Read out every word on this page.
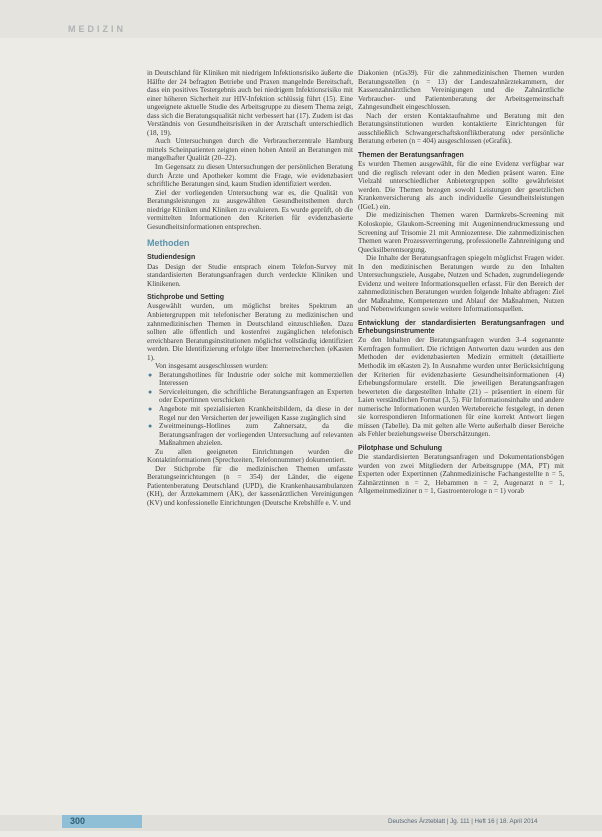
MEDIZIN

in Deutschland für Kliniken mit niedrigem Infektionsrisiko äußerte die Hälfte der 24 befragten Betriebe und Praxen mangelnde Bereitschaft, dass ein positives Testergebnis auch bei niedrigem Infektionsrisiko mit einer höheren Sicherheit zur HIV-Infektion schlüssig führt (15). Eine ungeeignete aktuelle Studie des Arbeitsgruppe zu diesem Thema zeigt, dass sich die Beratungsqualität nicht verbessert hat (17). Zudem ist das Verständnis von Gesundheitsrisiken in der Arztschaft unterschiedlich (18, 19).

Auch Untersuchungen durch die Verbraucherzentrale Hamburg mittels Scheinpatienten zeigten einen hohen Anteil an Beratungen mit mangelhafter Qualität (20–22).

Im Gegensatz zu diesen Untersuchungen der persönlichen Beratung durch Ärzte und Apotheker kommt die Frage, wie evidenzbasiert schriftliche Beratungen sind, kaum Studien identifiziert werden.

Ziel der vorliegenden Untersuchung war es, die Qualität von Beratungsleistungen zu ausgewählten Gesundheitsthemen durch niedrige Kliniken und Kliniken zu evaluieren. Es wurde geprüft, ob die vermittelten Informationen den Kriterien für evidenzbasierte Gesundheitsinformationen entsprechen.

Methoden
Studiendesign

Das Design der Studie entsprach einem Telefon-Survey mit standardisierten Beratungsanfragen durch verdeckte Kliniken und Klinikenen.

Stichprobe und Setting

Ausgewählt wurden, um möglichst breites Spektrum an Anbietergruppen mit telefonischer Beratung zu medizinischen und zahnmedizinischen Themen in Deutschland einzuschließen. Dazu sollten alle öffentlich und kostenfrei zugänglichen telefonisch erreichbaren Beratungsinstitutionen möglichst vollständig identifiziert werden. Die Identifizierung erfolgte über Internetrecherchen (eKasten 1).

Von insgesamt ausgeschlossen wurden:

● Beratungshotlines für Industrie oder solche mit kommerziellen Interessen
● Serviceleitungen, die schriftliche Beratungsanfragen an Experten oder Expertinnen verschicken
● Angebote mit spezialisierten Krankheitsbildern, da diese in der Regel nur den Versicherten der jeweiligen Kasse zugänglich sind
● Zweitmeinungs-Hotlines zum Zahnersatz, da die Beratungsanfragen der vorliegenden Untersuchung auf relevanten Maßnahmen abzielen.

Zu allen geeigneten Einrichtungen wurden die Kontaktinformationen (Sprechzeiten, Telefonnummer) dokumentiert.

Der Stichprobe für die medizinischen Themen umfasste Beratungseinrichtungen (n = 354) der Länder, die eigene Patientenberatung Deutschland (UPD), die Krankenhausambulanzen (KH), der Ärztekammern (ÄK), der kassenärztlichen Vereinigungen (KV) und konfessionelle Einrichtungen (Deutsche Krebshilfe e. V. und

Diakonien (nGs39). Für die zahnmedizinischen Themen wurden Beratungsstellen (n = 13) der Landeszahnärztekammern, der Kassenzahnärztlichen Vereinigungen und die Zahnärztliche Verbraucher- und Patientenberatung der Arbeitsgemeinschaft Zahngesundheit eingeschlossen.

Nach der ersten Kontaktaufnahme und Beratung mit den Beratungsinstitutionen wurden kontaktierte Einrichtungen für ausschließlich Schwangerschaftskonfliktberatung oder persönliche Beratung erbeten (n = 404) ausgeschlossen (eGrafik).

Themen der Beratungsanfragen

Es wurden Themen ausgewählt, für die eine Evidenz verfügbar war und die reglisch relevant oder in den Medien präsent waren. Eine Vielzahl unterschiedlicher Anbietergruppen sollte gewährleistet werden. Die Themen bezogen sowohl Leistungen der gesetzlichen Krankenversicherung als auch individuelle Gesundheitsleistungen (IGeL) ein.

Die medizinischen Themen waren Darmkrebs-Screening mit Koloskopie, Glaukom-Screening mit Augeninnendruckmessung und Screening auf Trisomie 21 mit Amniozentese. Die zahnmedizinischen Themen waren Prozessverringerung, professionelle Zahnreinigung und Quecksilberentsorgung.

Die Inhalte der Beratungsanfragen spiegeln möglichst Fragen wider. In den medizinischen Beratungen wurde zu den Inhalten Untersuchungsziele, Ausgabe, Nutzen und Schaden, zugrundeliegende Evidenz und weitere Informationsquellen erfasst. Für den Bereich der zahnmedizinischen Beratungen wurden folgende Inhalte abfragen: Ziel der Maßnahme, Kompetenzen und Ablauf der Maßnahmen, Nutzen und Nebenwirkungen sowie weitere Informationsquellen.

Entwicklung der standardisierten Beratungsanfragen und Erhebungsinstrumente

Zu den Inhalten der Beratungsanfragen wurden 3–4 sogenannte Kernfragen formuliert. Die richtigen Antworten dazu wurden aus den Methoden der evidenzbasierten Medizin ermittelt (detaillierte Methodik im eKasten 2). In Ausnahme wurden unter Berücksichtigung der Kriterien für evidenzbasierte Gesundheitsinformationen (4) Erhebungsformulare erstellt. Die jeweiligen Beratungsanfragen bewerteten die dargestellten Inhalte (21) – präsentiert in einem für Laien verständlichen Format (3, 5). Für Informationsinhalte und andere numerische Informationen wurden Wertebereiche festgelegt, in denen sie korrespondieren Informationen für eine korrekt Antwort liegen müssen (Tabelle). Da mit gelten alle Werte außerhalb dieser Bereiche als Fehler beziehungsweise Überschätzungen.

Pilotphase und Schulung

Die standardisierten Beratungsanfragen und Dokumentationsbögen wurden von zwei Mitgliedern der Arbeitsgruppe (MA, PT) mit Experten oder Expertinnen (Zahnmedizinische Fachangestellte n = 5, Zahnärztinnen n = 2, Hebammen n = 2, Augenarzt n = 1, Allgemeinmediziner n = 1, Gastroenterologe n = 1) vorab

300	Deutsches Ärzteblatt | Jg. 111 | Heft 16 | 18. April 2014
